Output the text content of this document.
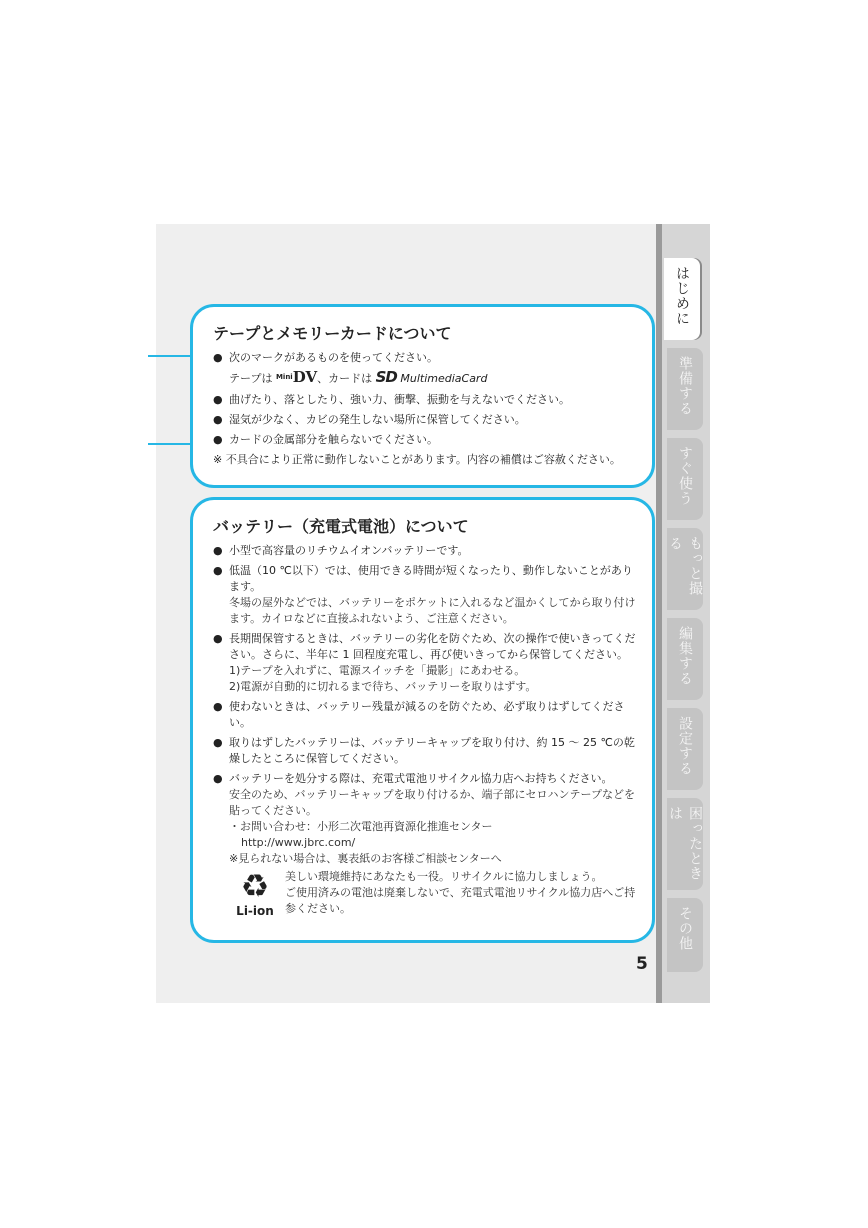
はじめに
準備する
すぐ使う
もっと撮る
編集する
設定する
困ったときは
その他
テープとメモリーカードについて
● 次のマークがあるものを使ってください。
テープは $^{Mini}$DV、カードは SD MultimediaCard
● 曲げたり、落としたり、強い力、衝撃、振動を与えないでください。
● 湿気が少なく、カビの発生しない場所に保管してください。
● カードの金属部分を触らないでください。

※ 不具合により正常に動作しないことがあります。内容の補償はご容赦ください。

バッテリー（充電式電池）について
● 小型で高容量のリチウムイオンバッテリーです。
● 低温（10 ℃以下）では、使用できる時間が短くなったり、動作しないことがあります。
冬場の屋外などでは、バッテリーをポケットに入れるなど温かくしてから取り付けます。カイロなどに直接ふれないよう、ご注意ください。
● 長期間保管するときは、バッテリーの劣化を防ぐため、次の操作で使いきってください。さらに、半年に 1 回程度充電し、再び使いきってから保管してください。
1)テープを入れずに、電源スイッチを「撮影」にあわせる。
2)電源が自動的に切れるまで待ち、バッテリーを取りはずす。
● 使わないときは、バッテリー残量が減るのを防ぐため、必ず取りはずしてください。
● 取りはずしたバッテリーは、バッテリーキャップを取り付け、約 15 ～ 25 ℃の乾燥したところに保管してください。
● バッテリーを処分する際は、充電式電池リサイクル協力店へお持ちください。
安全のため、バッテリーキャップを取り付けるか、端子部にセロハンテープなどを貼ってください。
・お問い合わせ：小形二次電池再資源化推進センター
http://www.jbrc.com/
※見られない場合は、裏表紙のお客様ご相談センターへ
♻
Li-ion
美しい環境維持にあなたも一役。リサイクルに協力しましょう。
ご使用済みの電池は廃棄しないで、充電式電池リサイクル協力店へご持参ください。
5
